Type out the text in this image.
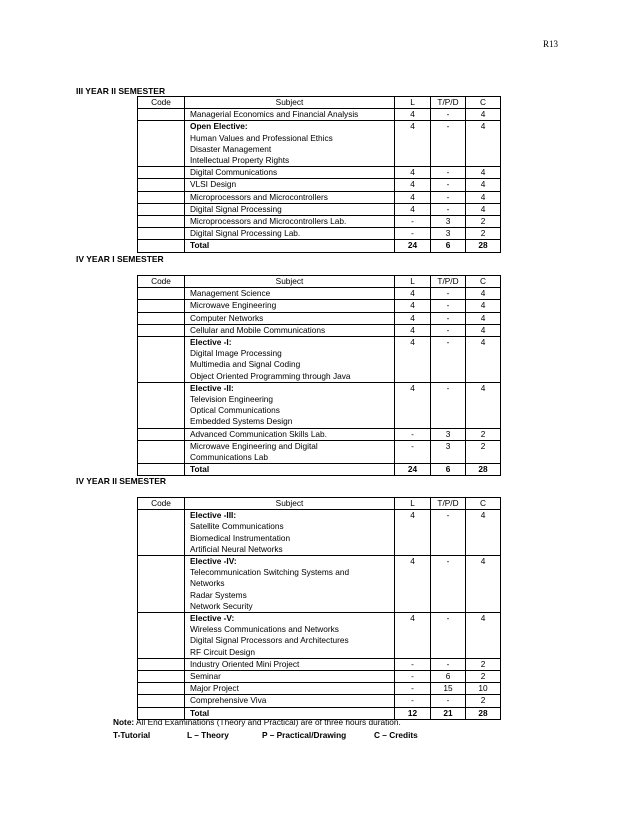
R13
III YEAR II SEMESTER
Code	Subject	L	T/P/D	C

	Managerial Economics and Financial Analysis	4	-	4

	Open Elective:
Human Values and Professional Ethics
Disaster Management
Intellectual Property Rights	4	-	4

	Digital Communications	4	-	4

	VLSI Design	4	-	4

	Microprocessors and Microcontrollers	4	-	4

	Digital Signal Processing	4	-	4

	Microprocessors and Microcontrollers Lab.	-	3	2

	Digital Signal Processing Lab.	-	3	2
	Total	24	6	28
IV YEAR I SEMESTER
Code	Subject	L	T/P/D	C

	Management Science	4	-	4

	Microwave Engineering	4	-	4

	Computer Networks	4	-	4

	Cellular and Mobile Communications	4	-	4

	Elective -I:
Digital Image Processing
Multimedia and Signal Coding
Object Oriented Programming through Java	4	-	4

	Elective -II:
Television Engineering
Optical Communications
Embedded Systems Design	4	-	4

	Advanced Communication Skills Lab.	-	3	2

	Microwave Engineering and Digital
Communications Lab	-	3	2
	Total	24	6	28
IV YEAR II SEMESTER
Code	Subject	L	T/P/D	C

	Elective -III:
Satellite Communications
Biomedical Instrumentation
Artificial Neural Networks	4	-	4

	Elective -IV:
Telecommunication Switching Systems and
Networks
Radar Systems
Network Security	4	-	4

	Elective -V:
Wireless Communications and Networks
Digital Signal Processors and Architectures
RF Circuit Design	4	-	4

	Industry Oriented Mini Project	-	-	2

	Seminar	-	6	2

	Major Project	-	15	10

	Comprehensive Viva	-	-	2
	Total	12	21	28
Note: All End Examinations (Theory and Practical) are of three hours duration.
T-Tutorial	L – Theory	P – Practical/Drawing	C – Credits
